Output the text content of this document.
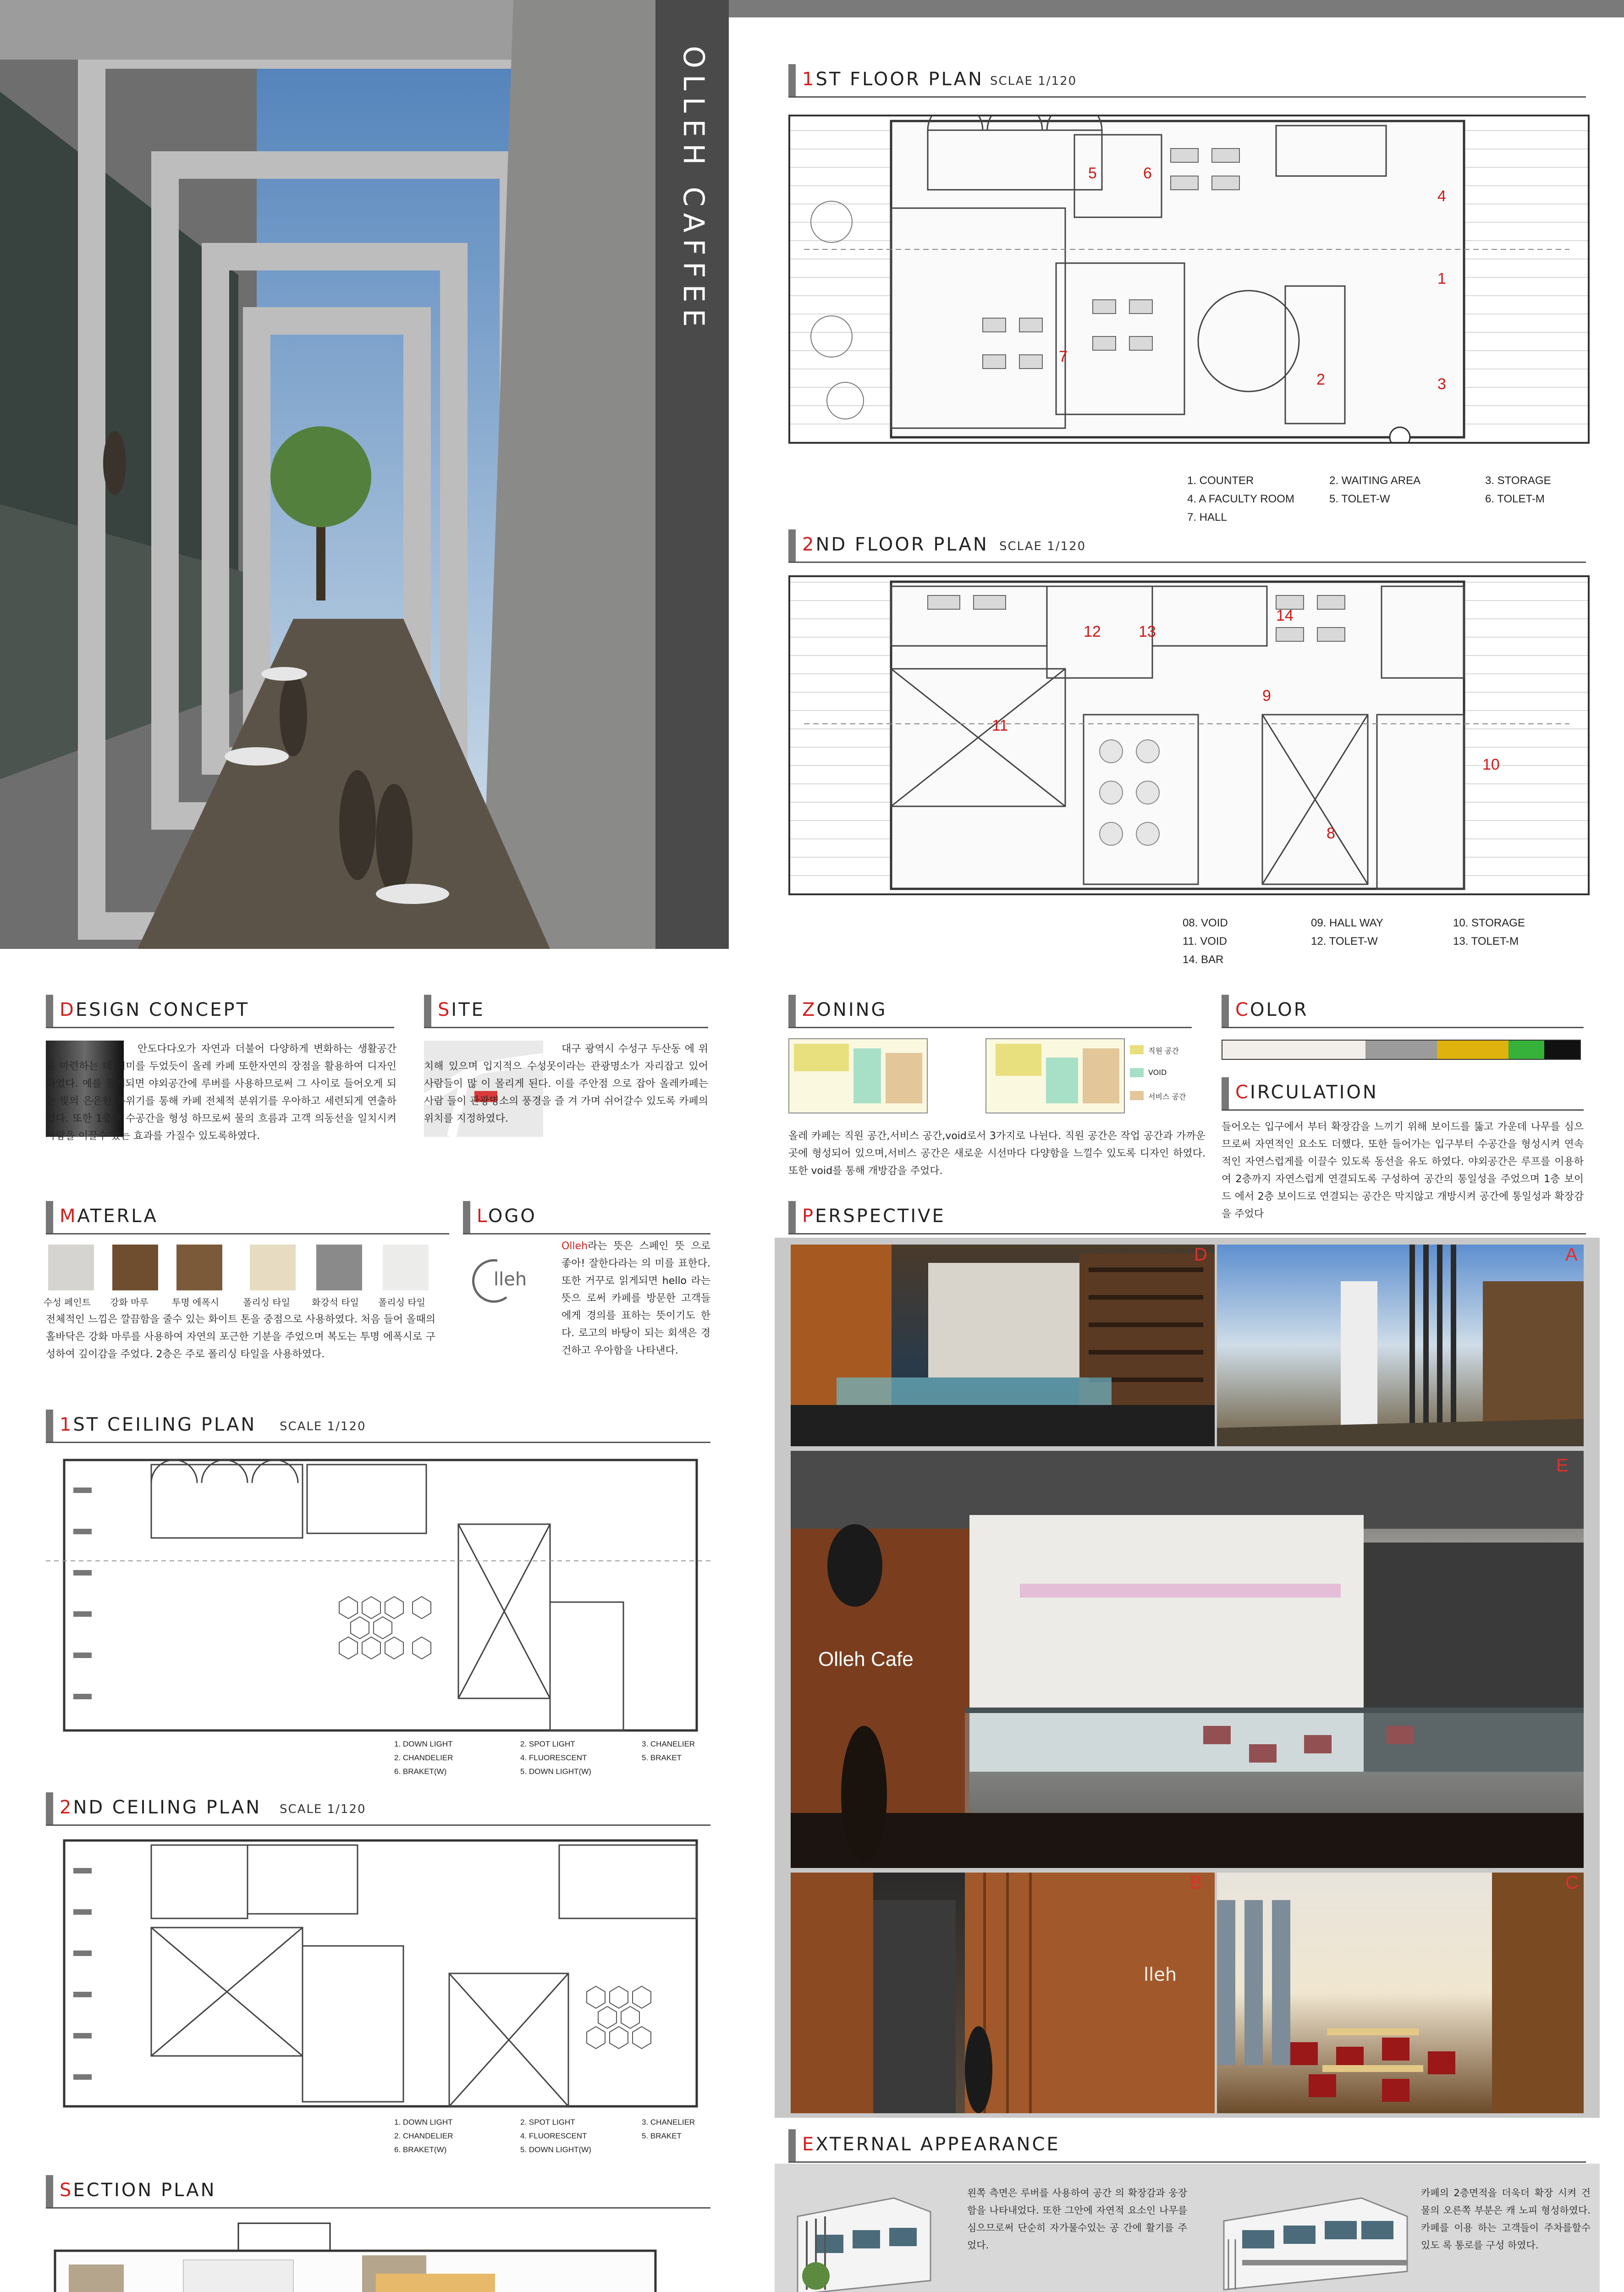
OLLEH CAFFEE	1ST FLOOR PLAN SCLAE 1/120
1
2	3
4
5	6
7
1. COUNTER	2. WAITING AREA	3. STORAGE
4. A FACULTY ROOM	5. TOLET-W	6. TOLET-M
7. HALL
2ND FLOOR PLAN SCLAE 1/120
8
9
10
11
12 13
14
08. VOID	09. HALL WAY	10. STORAGE
11. VOID	12. TOLET-W	13. TOLET-M
14. BAR
DESIGN CONCEPT
안도다다오가 자연과 더불어 다양하게 변화하는 생활공간을 마련하는 데 의미를 두었듯이 올레 카페 또한자연의 장점을 활용하여 디자인 하였다. 예를 들게되면 야외공간에 루버를 사용하므로써 그 사이로 들어오게 되는 빛의 은은한 분위기를 통해 카페 전체적 분위기를 우아하고 세련되게 연출하였다. 또한 1층에 수공간을 형성 하므로써 물의 흐름과 고객 의동선을 일치시켜 사람을 이끌수 있는 효과를 가질수 있도록하였다.
SITE
대구 광역시 수성구 두산동 에 위치해 있으며 입지적으 수성못이라는 관광명소가 자리잡고 있어 사람들이 많 이 몰리게 된다. 이를 주안점 으로 잡아 올레카페는 사람 들이 관광명소의 풍경을 즐 겨 가며 쉬어갈수 있도록 카페의 위치를 지정하였다.
MATERLA
수성 페인트 강화 마루	투명 에폭시	폴리싱 타일 화강석 타일 폴리싱 타일
전체적인 느낌은 깔끔함을 줄수 있는 화이트 톤을 중점으로 사용하였다. 처음 들어 올때의 홀바닥은 강화 마루를 사용하여 자연의 포근한 기분을 주었으며 복도는 투명 에폭시로 구성하여 깊이감을 주었다. 2층은 주로 폴리싱 타일을 사용하였다.
LOGO
lleh
Olleh라는 뜻은 스페인 뜻 으로 좋아! 잘한다라는 의 미를 표한다. 또한 거꾸로 읽게되면 hello 라는 뜻으 로써 카페를 방문한 고객들에게 경의를 표하는 뜻이기도 한다. 로고의 바탕이 되는 회색은 경 건하고 우아함을 나타낸다.
ZONING
직원 공간
VOID
서비스 공간
올레 카페는 직원 공간,서비스 공간,void로서 3가지로 나뉜다. 직원 공간은 작업 공간과 가까운 곳에 형성되어 있으며,서비스 공간은 새로운 시선마다 다양함을 느낄수 있도록 디자인 하였다. 또한 void를 통해 개방감을 주었다.
COLOR
CIRCULATION
들어오는 입구에서 부터 확장감을 느끼기 위해 보이드를 뚫고 가운데 나무를 심으므로써 자연적인 요소도 더했다. 또한 들어가는 입구부터 수공간을 형성시켜 연속적인 자연스럽게를 이끌수 있도록 동선을 유도 하였다. 야외공간은 루프를 이용하여 2층까지 자연스럽게 연결되도록 구성하여 공간의 통일성을 주었으며 1층 보이드 에서 2층 보이드로 연결되는 공간은 막지않고 개방시켜 공간에 통일성과 확장감을 주었다
PERSPECTIVE
D	A
Olleh Cafe
E
lleh
B	C
EXTERNAL APPEARANCE
왼쪽 측면은 루버를 사용하여 공간 의 확장감과 웅장함을 나타내었다. 또한 그안에 자연적 요소인 나무를 심으므로써 단순히 자가물수있는 공 간에 활기를 주었다.
카페의 2층면적을 더욱더 확장 시켜 건물의 오른쪽 부분은 캐 노피 형성하였다. 카페를 이용 하는 고객들이 주차를할수 있도 록 통로를 구성 하였다.
1ST CEILING PLAN SCALE 1/120
1. DOWN LIGHT	2. SPOT LIGHT	3. CHANELIER
2. CHANDELIER	4. FLUORESCENT	5. BRAKET
6. BRAKET(W)	5. DOWN LIGHT(W)
2ND CEILING PLAN SCALE 1/120
1. DOWN LIGHT	2. SPOT LIGHT	3. CHANELIER
2. CHANDELIER	4. FLUORESCENT	5. BRAKET
6. BRAKET(W)	5. DOWN LIGHT(W)
SECTION PLAN
